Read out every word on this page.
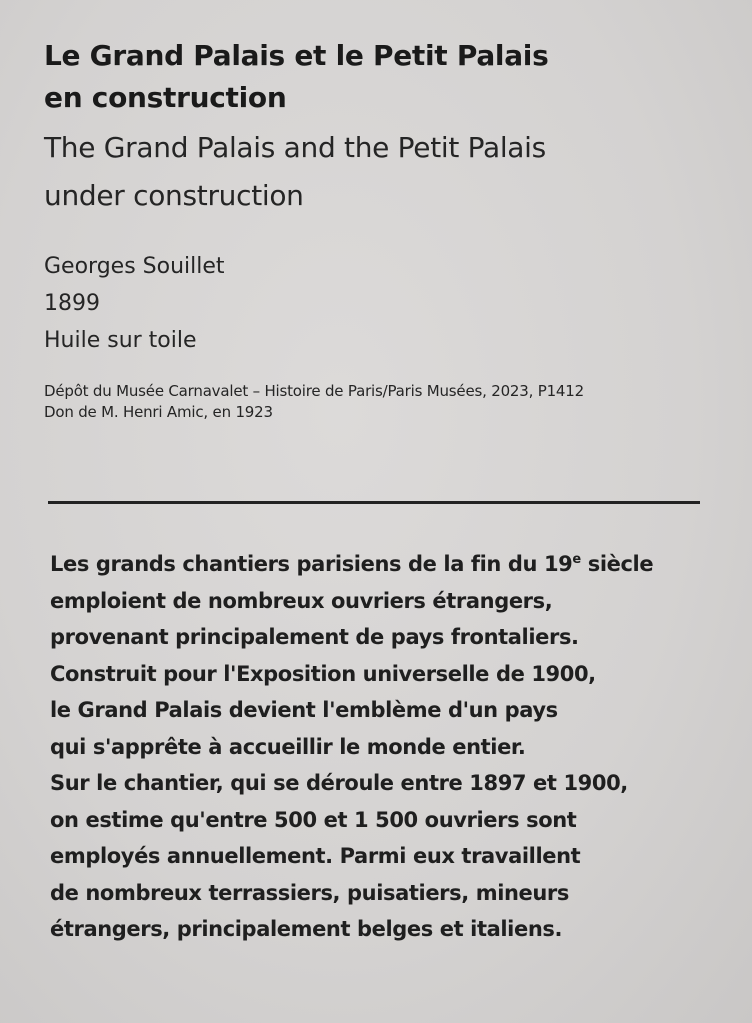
Le Grand Palais et le Petit Palais

en construction

The Grand Palais and the Petit Palais

under construction

Georges Souillet
1899
Huile sur toile
Dépôt du Musée Carnavalet – Histoire de Paris/Paris Musées, 2023, P1412
Don de M. Henri Amic, en 1923
Les grands chantiers parisiens de la fin du 19e siècle
emploient de nombreux ouvriers étrangers,
provenant principalement de pays frontaliers.
Construit pour l'Exposition universelle de 1900,
le Grand Palais devient l'emblème d'un pays
qui s'apprête à accueillir le monde entier.
Sur le chantier, qui se déroule entre 1897 et 1900,
on estime qu'entre 500 et 1 500 ouvriers sont
employés annuellement. Parmi eux travaillent
de nombreux terrassiers, puisatiers, mineurs
étrangers, principalement belges et italiens.
